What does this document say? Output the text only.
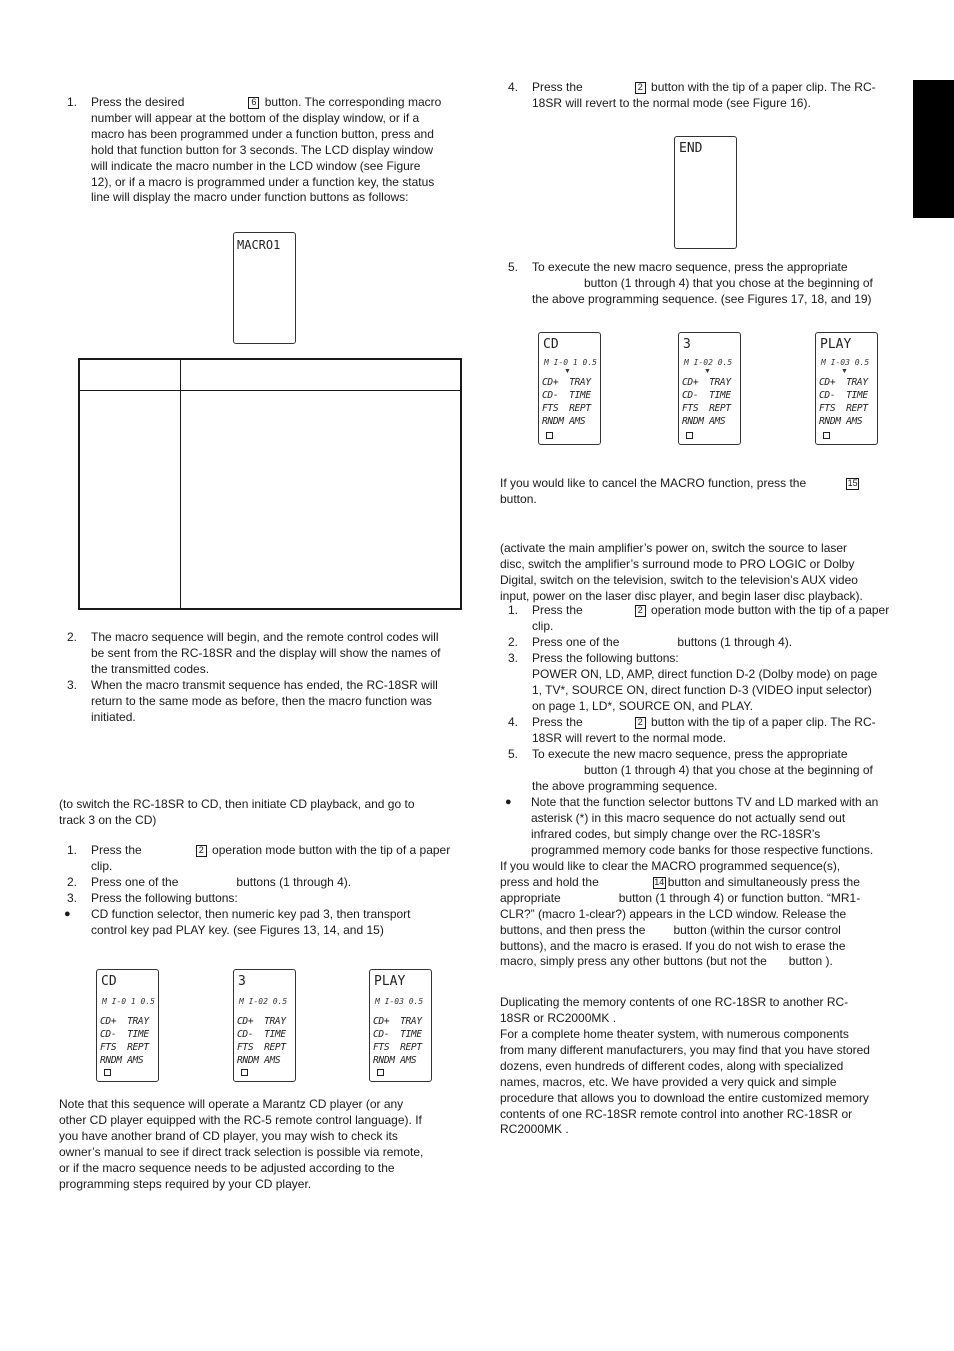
1. Press the desired	6 button. The corresponding macro
number will appear at the bottom of the display window, or if a
macro has been programmed under a function button, press and
hold that function button for 3 seconds. The LCD display window
will indicate the macro number in the LCD window (see Figure
12), or if a macro is programmed under a function key, the status
line will display the macro under function buttons as follows:
MACRO1
2. The macro sequence will begin, and the remote control codes will
be sent from the RC-18SR and the display will show the names of
the transmitted codes.
3. When the macro transmit sequence has ended, the RC-18SR will
return to the same mode as before, then the macro function was
initiated.
(to switch the RC-18SR to CD, then initiate CD playback, and go to
track 3 on the CD)
1. Press the	2 operation mode button with the tip of a paper
clip.
2. Press one of the	buttons (1 through 4).
3. Press the following buttons:
● CD function selector, then numeric key pad 3, then transport
control key pad PLAY key. (see Figures 13, 14, and 15)
CD
M I-0 1 0.5
CD+  TRAY
CD-  TIME
FTS  REPT
RNDM AMS
3
M I-02 0.5
CD+  TRAY
CD-  TIME
FTS  REPT
RNDM AMS
PLAY
M I-03 0.5
CD+  TRAY
CD-  TIME
FTS  REPT
RNDM AMS
Note that this sequence will operate a Marantz CD player (or any
other CD player equipped with the RC-5 remote control language). If
you have another brand of CD player, you may wish to check its
owner’s manual to see if direct track selection is possible via remote,
or if the macro sequence needs to be adjusted according to the
programming steps required by your CD player.
4. Press the	2 button with the tip of a paper clip. The RC-
18SR will revert to the normal mode (see Figure 16).
END
5. To execute the new macro sequence, press the appropriate
button (1 through 4) that you chose at the beginning of
the above programming sequence. (see Figures 17, 18, and 19)
CD
M I-0 1 0.5
▼
CD+  TRAY
CD-  TIME
FTS  REPT
RNDM AMS
3
M I-02 0.5
▼
CD+  TRAY
CD-  TIME
FTS  REPT
RNDM AMS
PLAY
M I-03 0.5
▼
CD+  TRAY
CD-  TIME
FTS  REPT
RNDM AMS
If you would like to cancel the MACRO function, press the	15
button.
(activate the main amplifier’s power on, switch the source to laser
disc, switch the amplifier’s surround mode to PRO LOGIC or Dolby
Digital, switch on the television, switch to the television’s AUX video
input, power on the laser disc player, and begin laser disc playback).
1. Press the	2 operation mode button with the tip of a paper
clip.
2. Press one of the	buttons (1 through 4).
3. Press the following buttons:
POWER ON, LD, AMP, direct function D-2 (Dolby mode) on page
1, TV*, SOURCE ON, direct function D-3 (VIDEO input selector)
on page 1, LD*, SOURCE ON, and PLAY.
4. Press the	2 button with the tip of a paper clip. The RC-
18SR will revert to the normal mode.
5. To execute the new macro sequence, press the appropriate
button (1 through 4) that you chose at the beginning of
the above programming sequence.
● Note that the function selector buttons TV and LD marked with an
asterisk (*) in this macro sequence do not actually send out
infrared codes, but simply change over the RC-18SR’s
programmed memory code banks for those respective functions.
If you would like to clear the MACRO programmed sequence(s),
press and hold the	14 button and simultaneously press the
appropriate	button (1 through 4) or function button. “MR1-
CLR?” (macro 1-clear?) appears in the LCD window. Release the
buttons, and then press the button (within the cursor control
buttons), and the macro is erased. If you do not wish to erase the
macro, simply press any other buttons (but not the button ).
Duplicating the memory contents of one RC-18SR to another RC-
18SR or RC2000MK .
For a complete home theater system, with numerous components
from many different manufacturers, you may find that you have stored
dozens, even hundreds of different codes, along with specialized
names, macros, etc. We have provided a very quick and simple
procedure that allows you to download the entire customized memory
contents of one RC-18SR remote control into another RC-18SR or
RC2000MK .
